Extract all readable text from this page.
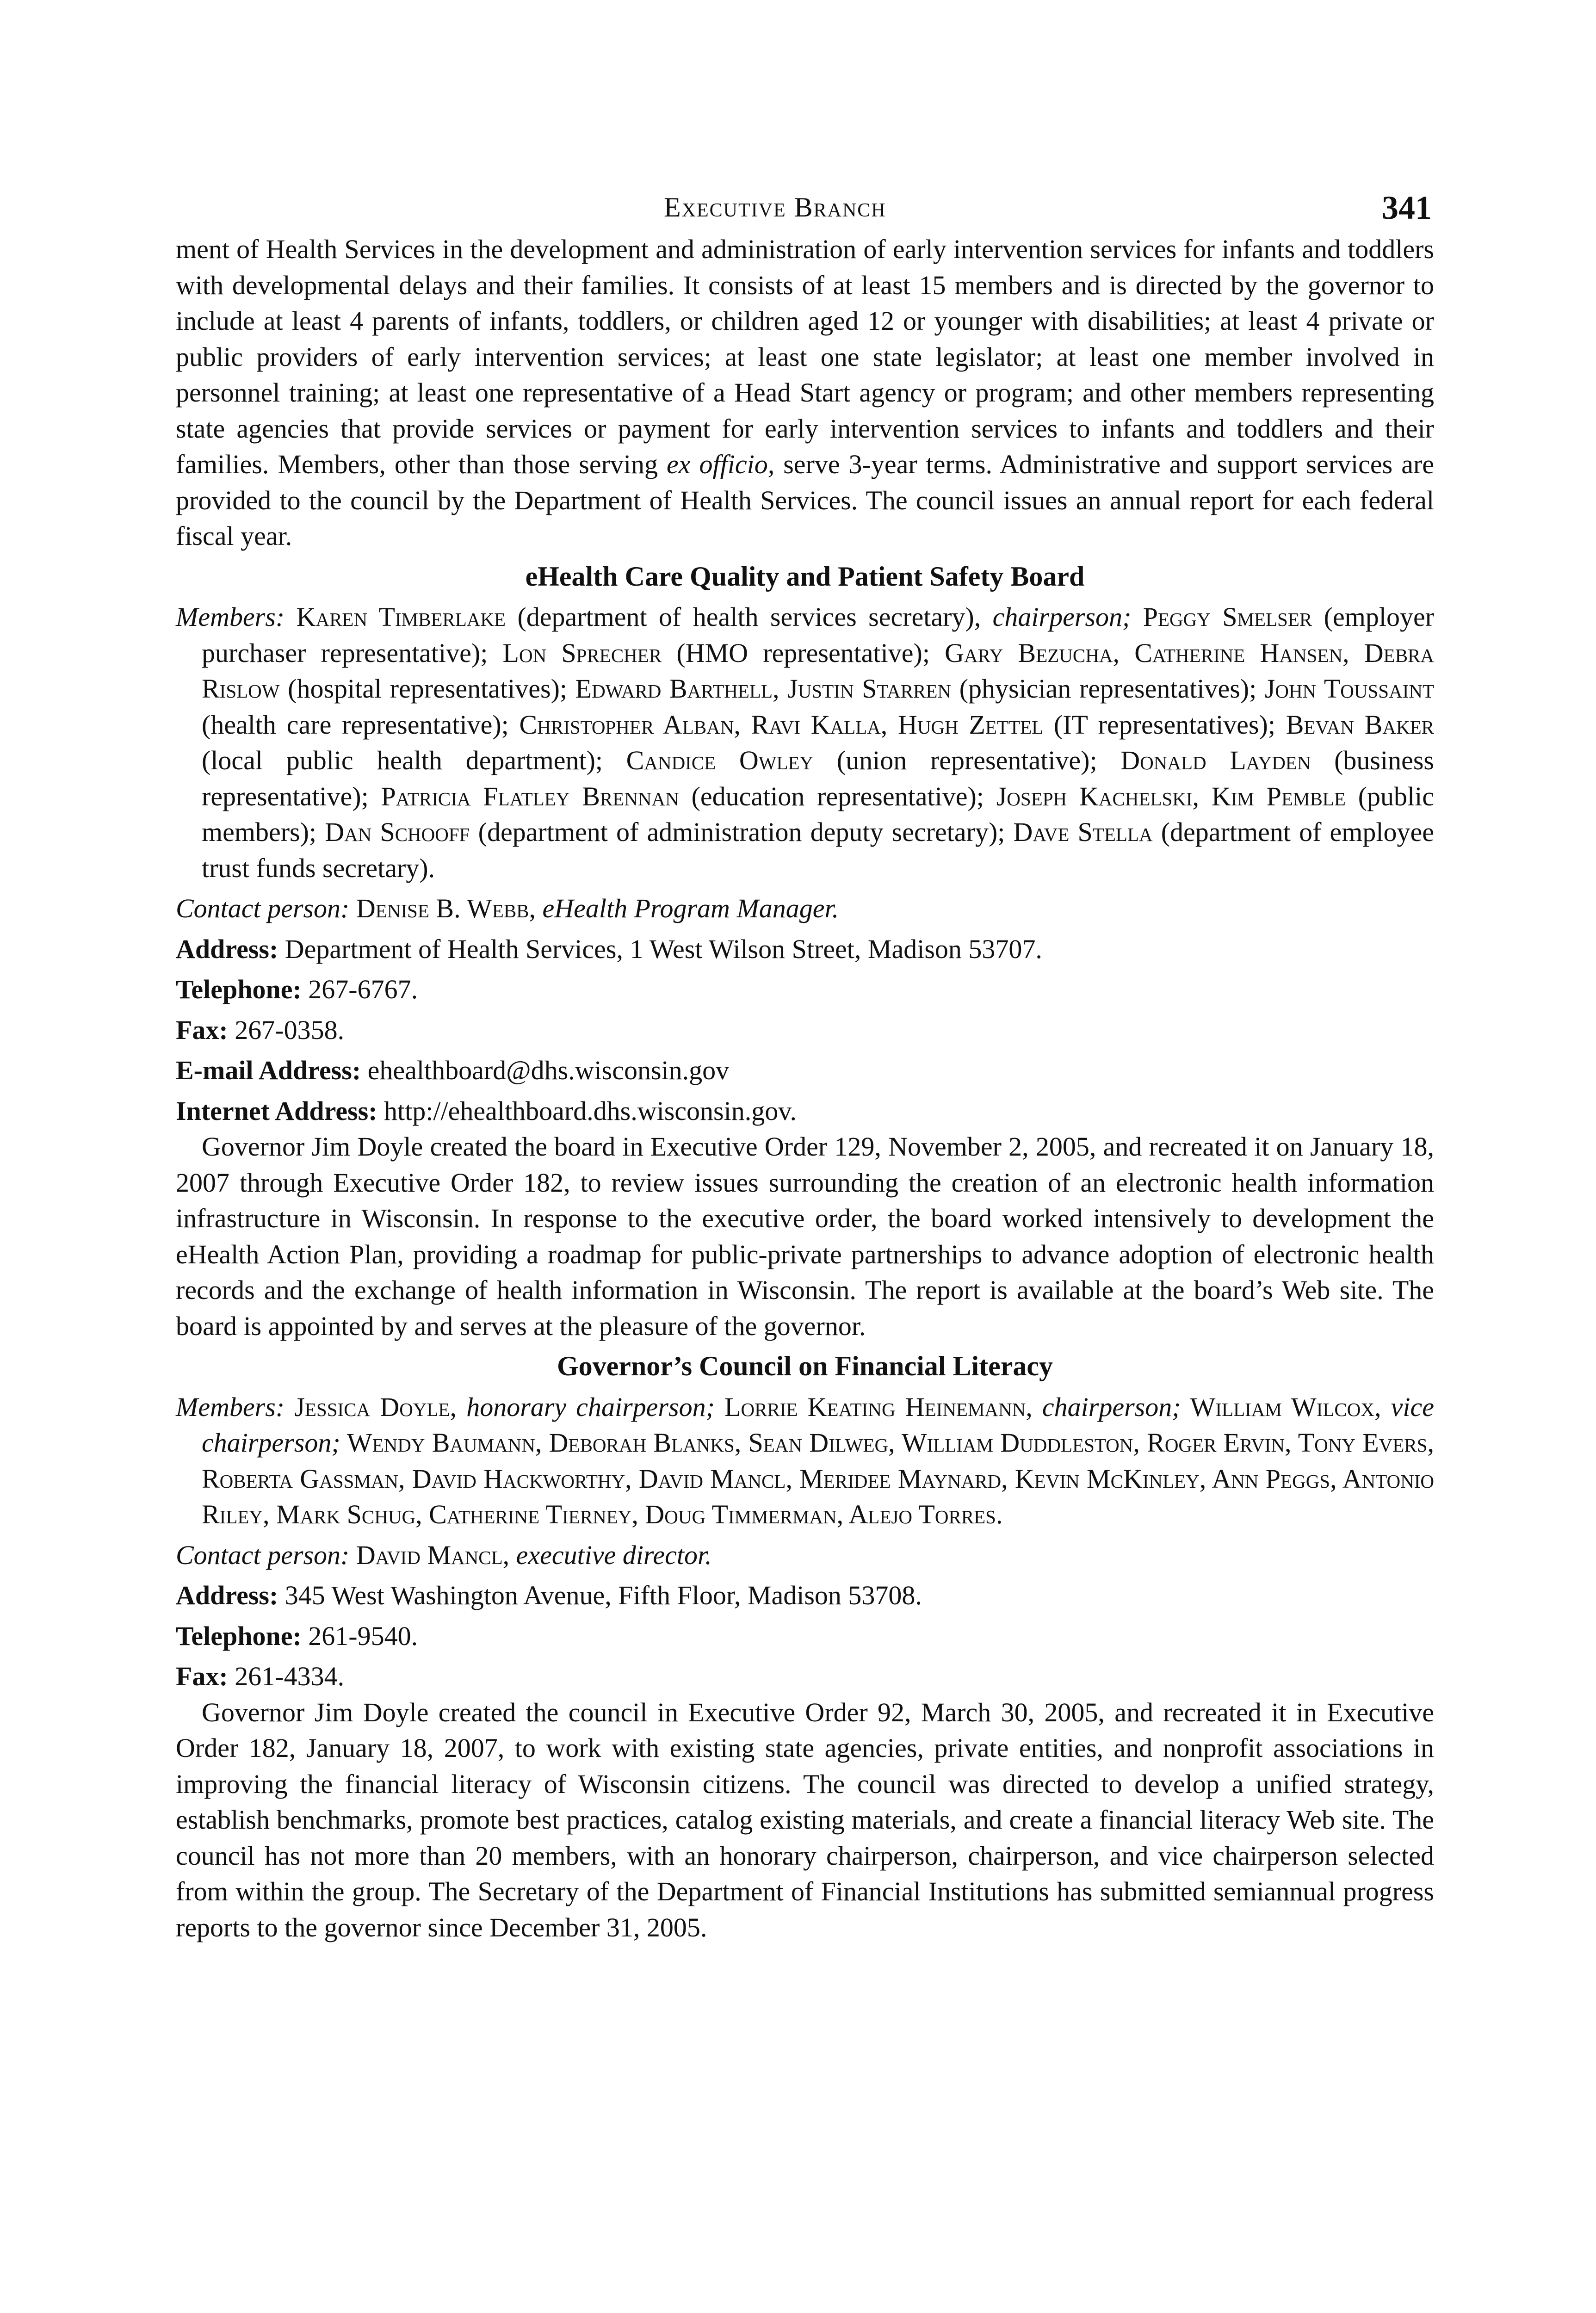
Executive Branch	341

ment of Health Services in the development and administration of early intervention services for infants and toddlers with developmental delays and their families. It consists of at least 15 members and is directed by the governor to include at least 4 parents of infants, toddlers, or children aged 12 or younger with disabilities; at least 4 private or public providers of early intervention services; at least one state legislator; at least one member involved in personnel training; at least one representative of a Head Start agency or program; and other members representing state agencies that provide services or payment for early intervention services to infants and toddlers and their families. Members, other than those serving ex officio, serve 3-year terms. Administrative and support services are provided to the council by the Department of Health Services. The council issues an annual report for each federal fiscal year.

eHealth Care Quality and Patient Safety Board

Members: Karen Timberlake (department of health services secretary), chairperson; Peggy Smelser (employer purchaser representative); Lon Sprecher (HMO representative); Gary Bezucha, Catherine Hansen, Debra Rislow (hospital representatives); Edward Barthell, Justin Starren (physician representatives); John Toussaint (health care representative); Christopher Alban, Ravi Kalla, Hugh Zettel (IT representatives); Bevan Baker (local public health department); Candice Owley (union representative); Donald Layden (business representative); Patricia Flatley Brennan (education representative); Joseph Kachelski, Kim Pemble (public members); Dan Schooff (department of administration deputy secretary); Dave Stella (department of employee trust funds secretary).

Contact person: Denise B. Webb, eHealth Program Manager.

Address: Department of Health Services, 1 West Wilson Street, Madison 53707.

Telephone: 267-6767.

Fax: 267-0358.

E-mail Address: ehealthboard@dhs.wisconsin.gov

Internet Address: http://ehealthboard.dhs.wisconsin.gov.

Governor Jim Doyle created the board in Executive Order 129, November 2, 2005, and recreated it on January 18, 2007 through Executive Order 182, to review issues surrounding the creation of an electronic health information infrastructure in Wisconsin. In response to the executive order, the board worked intensively to development the eHealth Action Plan, providing a roadmap for public-private partnerships to advance adoption of electronic health records and the exchange of health information in Wisconsin. The report is available at the board’s Web site. The board is appointed by and serves at the pleasure of the governor.

Governor’s Council on Financial Literacy

Members: Jessica Doyle, honorary chairperson; Lorrie Keating Heinemann, chairperson; William Wilcox, vice chairperson; Wendy Baumann, Deborah Blanks, Sean Dilweg, William Duddleston, Roger Ervin, Tony Evers, Roberta Gassman, David Hackworthy, David Mancl, Meridee Maynard, Kevin McKinley, Ann Peggs, Antonio Riley, Mark Schug, Catherine Tierney, Doug Timmerman, Alejo Torres.

Contact person: David Mancl, executive director.

Address: 345 West Washington Avenue, Fifth Floor, Madison 53708.

Telephone: 261-9540.

Fax: 261-4334.

Governor Jim Doyle created the council in Executive Order 92, March 30, 2005, and recreated it in Executive Order 182, January 18, 2007, to work with existing state agencies, private entities, and nonprofit associations in improving the financial literacy of Wisconsin citizens. The council was directed to develop a unified strategy, establish benchmarks, promote best practices, catalog existing materials, and create a financial literacy Web site. The council has not more than 20 members, with an honorary chairperson, chairperson, and vice chairperson selected from within the group. The Secretary of the Department of Financial Institutions has submitted semiannual progress reports to the governor since December 31, 2005.
